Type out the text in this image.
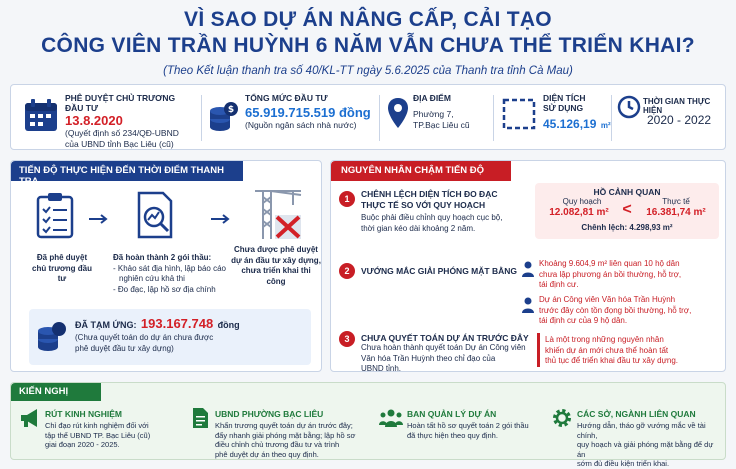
VÌ SAO DỰ ÁN NÂNG CẤP, CẢI TẠO
CÔNG VIÊN TRẦN HUỲNH 6 NĂM VẪN CHƯA THỂ TRIỂN KHAI?
(Theo Kết luận thanh tra số 40/KL-TT ngày 5.6.2025 của Thanh tra tỉnh Cà Mau)
PHÊ DUYỆT CHỦ TRƯƠNG ĐẦU TƯ
13.8.2020
(Quyết định số 234/QĐ-UBND
của UBND tỉnh Bạc Liêu (cũ)
$
TỔNG MỨC ĐẦU TƯ
65.919.715.519 đồng
(Nguồn ngân sách nhà nước)
ĐỊA ĐIỂM
Phường 7,
TP.Bạc Liêu cũ
DIỆN TÍCH
SỬ DỤNG
45.126,19 m²
THỜI GIAN THỰC HIỆN
2020 - 2022
TIẾN ĐỘ THỰC HIỆN ĐẾN THỜI ĐIỂM THANH TRA
Đã phê duyệt
chủ trương đầu tư
Đã hoàn thành 2 gói thầu:
- Khảo sát địa hình, lập báo cáo
nghiên cứu khả thi
- Đo đạc, lập hồ sơ địa chính
Chưa được phê duyệt
dự án đầu tư xây dựng,
chưa triển khai thi công
ĐÃ TẠM ỨNG: 193.167.748 đồng
(Chưa quyết toán do dự án chưa được
phê duyệt đầu tư xây dựng)
NGUYÊN NHÂN CHẬM TIẾN ĐỘ
1	CHÊNH LỆCH DIỆN TÍCH ĐO ĐẠC
THỰC TẾ SO VỚI QUY HOẠCH
Buộc phải điều chỉnh quy hoạch cục bộ,
thời gian kéo dài khoảng 2 năm.
HỒ CẢNH QUAN
Quy hoạch
12.082,81 m² <	Thực tế
16.381,74 m²
Chênh lệch: 4.298,93 m²
2	VƯỚNG MẮC GIẢI PHÓNG MẶT BẰNG
Khoảng 9.604,9 m² liên quan 10 hộ dân
chưa lập phương án bồi thường, hỗ trợ,
tái định cư.
Dự án Công viên Văn hóa Trần Huỳnh
trước đây còn tồn đọng bồi thường, hỗ trợ,
tái định cư của 9 hộ dân.
3	CHƯA QUYẾT TOÁN DỰ ÁN TRƯỚC ĐÂY
Chưa hoàn thành quyết toán Dự án Công viên
Văn hóa Trần Huỳnh theo chỉ đạo của
UBND tỉnh.
Là một trong những nguyên nhân
khiến dự án mới chưa thể hoàn tất
thủ tục để triển khai đầu tư xây dựng.
KIẾN NGHỊ
RÚT KINH NGHIỆM
Chỉ đạo rút kinh nghiệm đối với
tập thể UBND TP. Bạc Liêu (cũ)
giai đoạn 2020 - 2025.
UBND PHƯỜNG BẠC LIÊU
Khẩn trương quyết toán dự án trước đây;
đẩy nhanh giải phóng mặt bằng; lập hồ sơ
điều chỉnh chủ trương đầu tư và trình
phê duyệt dự án theo quy định.
BAN QUẢN LÝ DỰ ÁN
Hoàn tất hồ sơ quyết toán 2 gói thầu
đã thực hiện theo quy định.
CÁC SỞ, NGÀNH LIÊN QUAN
Hướng dẫn, tháo gỡ vướng mắc về tài chính,
quy hoạch và giải phóng mặt bằng để dự án
sớm đủ điều kiện triển khai.
